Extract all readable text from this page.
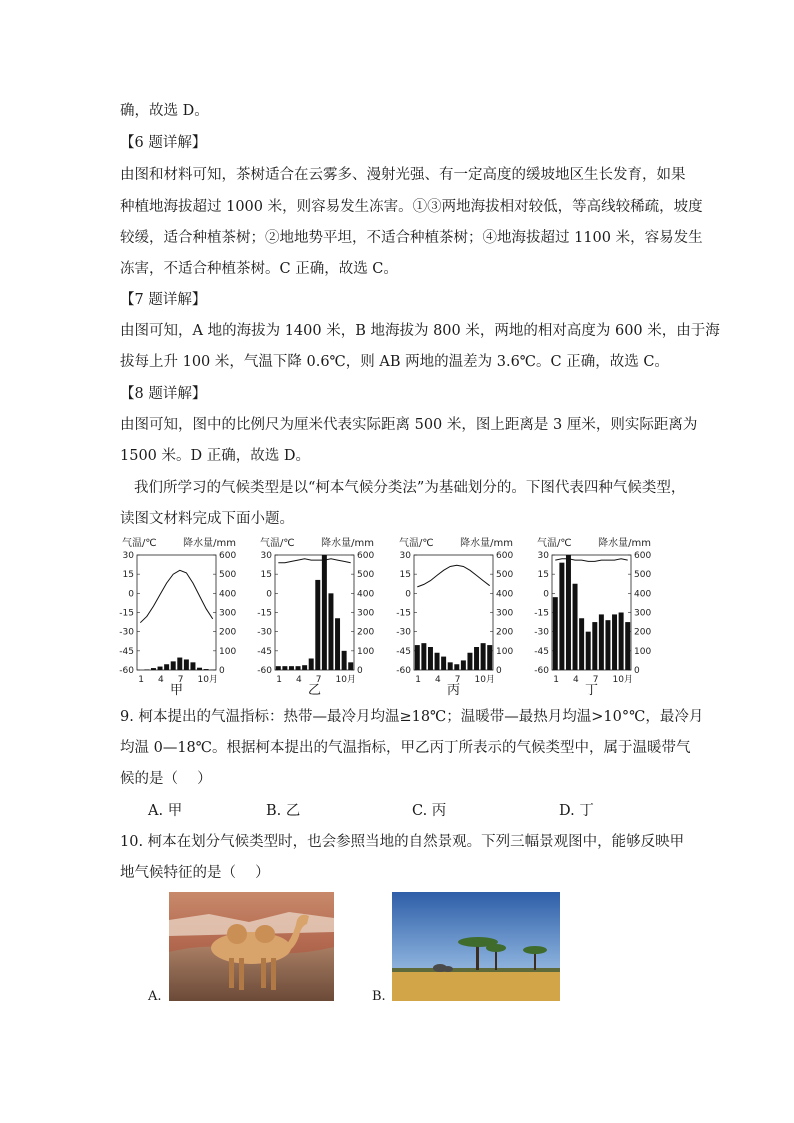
确，故选 D。
【6 题详解】
由图和材料可知，茶树适合在云雾多、漫射光强、有一定高度的缓坡地区生长发育，如果
种植地海拔超过 1000 米，则容易发生冻害。①③两地海拔相对较低，等高线较稀疏，坡度
较缓，适合种植茶树；②地地势平坦，不适合种植茶树；④地海拔超过 1100 米，容易发生
冻害，不适合种植茶树。C 正确，故选 C。
【7 题详解】
由图可知，A 地的海拔为 1400 米，B 地海拔为 800 米，两地的相对高度为 600 米，由于海
拔每上升 100 米，气温下降 0.6℃，则 AB 两地的温差为 3.6℃。C 正确，故选 C。
【8 题详解】
由图可知，图中的比例尺为厘米代表实际距离 500 米，图上距离是 3 厘米，则实际距离为
1500 米。D 正确，故选 D。
我们所学习的气候类型是以“柯本气候分类法”为基础划分的。下图代表四种气候类型，
读图文材料完成下面小题。
气温/℃	降水量/mm
30
15
0
-15
-30
-45
-60
600
500
400
300
200
100
0
1 4 7 10月
甲
气温/℃	降水量/mm
30
15
0
-15
-30
-45
-60
600
500
400
300
200
100
0
1 4 7 10月
乙
气温/℃	降水量/mm
30
15
0
-15
-30
-45
-60
600
500
400
300
200
100
0
1 4 7 10月
丙
气温/℃	降水量/mm
30
15
0
-15
-30
-45
-60
600
500
400
300
200
100
0
1 4 7 10月
丁
9. 柯本提出的气温指标：热带—最冷月均温≥18℃；温暖带—最热月均温>10°℃，最冷月
均温 0—18℃。根据柯本提出的气温指标，甲乙丙丁所表示的气候类型中，属于温暖带气
候的是（　 ）
A. 甲	B. 乙	C. 丙	D. 丁
10. 柯本在划分气候类型时，也会参照当地的自然景观。下列三幅景观图中，能够反映甲
地气候特征的是（　 ）
A.	B.
